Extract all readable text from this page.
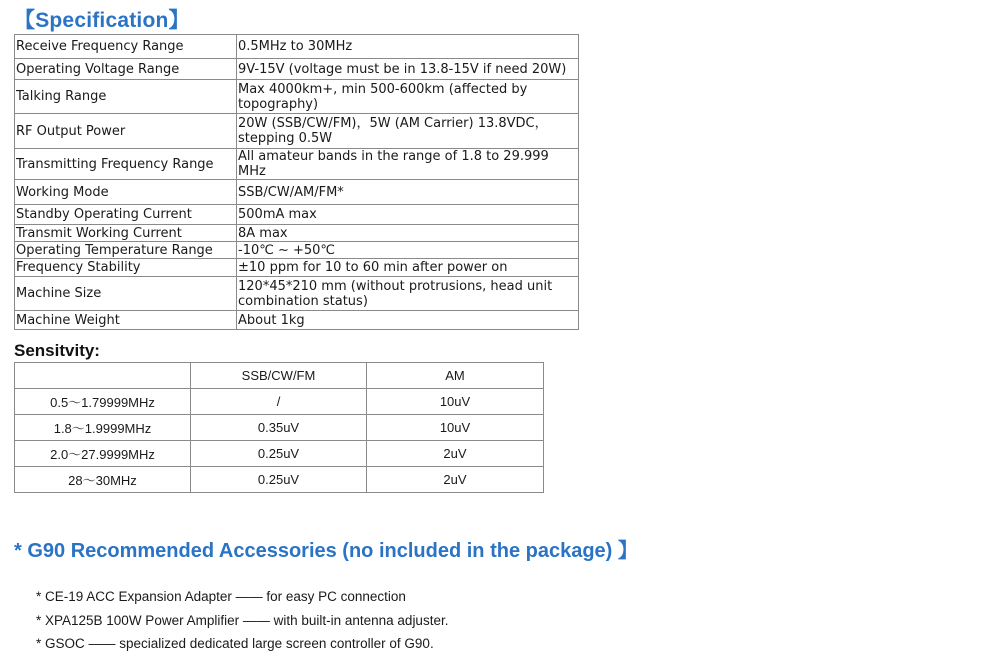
【Specification】
Receive Frequency Range	0.5MHz to 30MHz
Operating Voltage Range	9V-15V (voltage must be in 13.8-15V if need 20W)
Talking Range	Max 4000km+, min 500-600km (affected by topography)
RF Output Power	20W (SSB/CW/FM)，5W (AM Carrier) 13.8VDC，stepping 0.5W
Transmitting Frequency Range	All amateur bands in the range of 1.8 to 29.999 MHz
Working Mode	SSB/CW/AM/FM*
Standby Operating Current	500mA max
Transmit Working Current	8A max
Operating Temperature Range	-10℃ ~ +50℃
Frequency Stability	±10 ppm for 10 to 60 min after power on
Machine Size	120*45*210 mm (without protrusions, head unit combination status)
Machine Weight	About 1kg
Sensitvity:
	SSB/CW/FM	AM
0.5～1.79999MHz	/	10uV
1.8～1.9999MHz	0.35uV	10uV
2.0～27.9999MHz	0.25uV	2uV
28～30MHz	0.25uV	2uV
* G90 Recommended Accessories (no included in the package) 】
* CE-19 ACC Expansion Adapter —— for easy PC connection
* XPA125B 100W Power Amplifier —— with built-in antenna adjuster.
* GSOC —— specialized dedicated large screen controller of G90.
